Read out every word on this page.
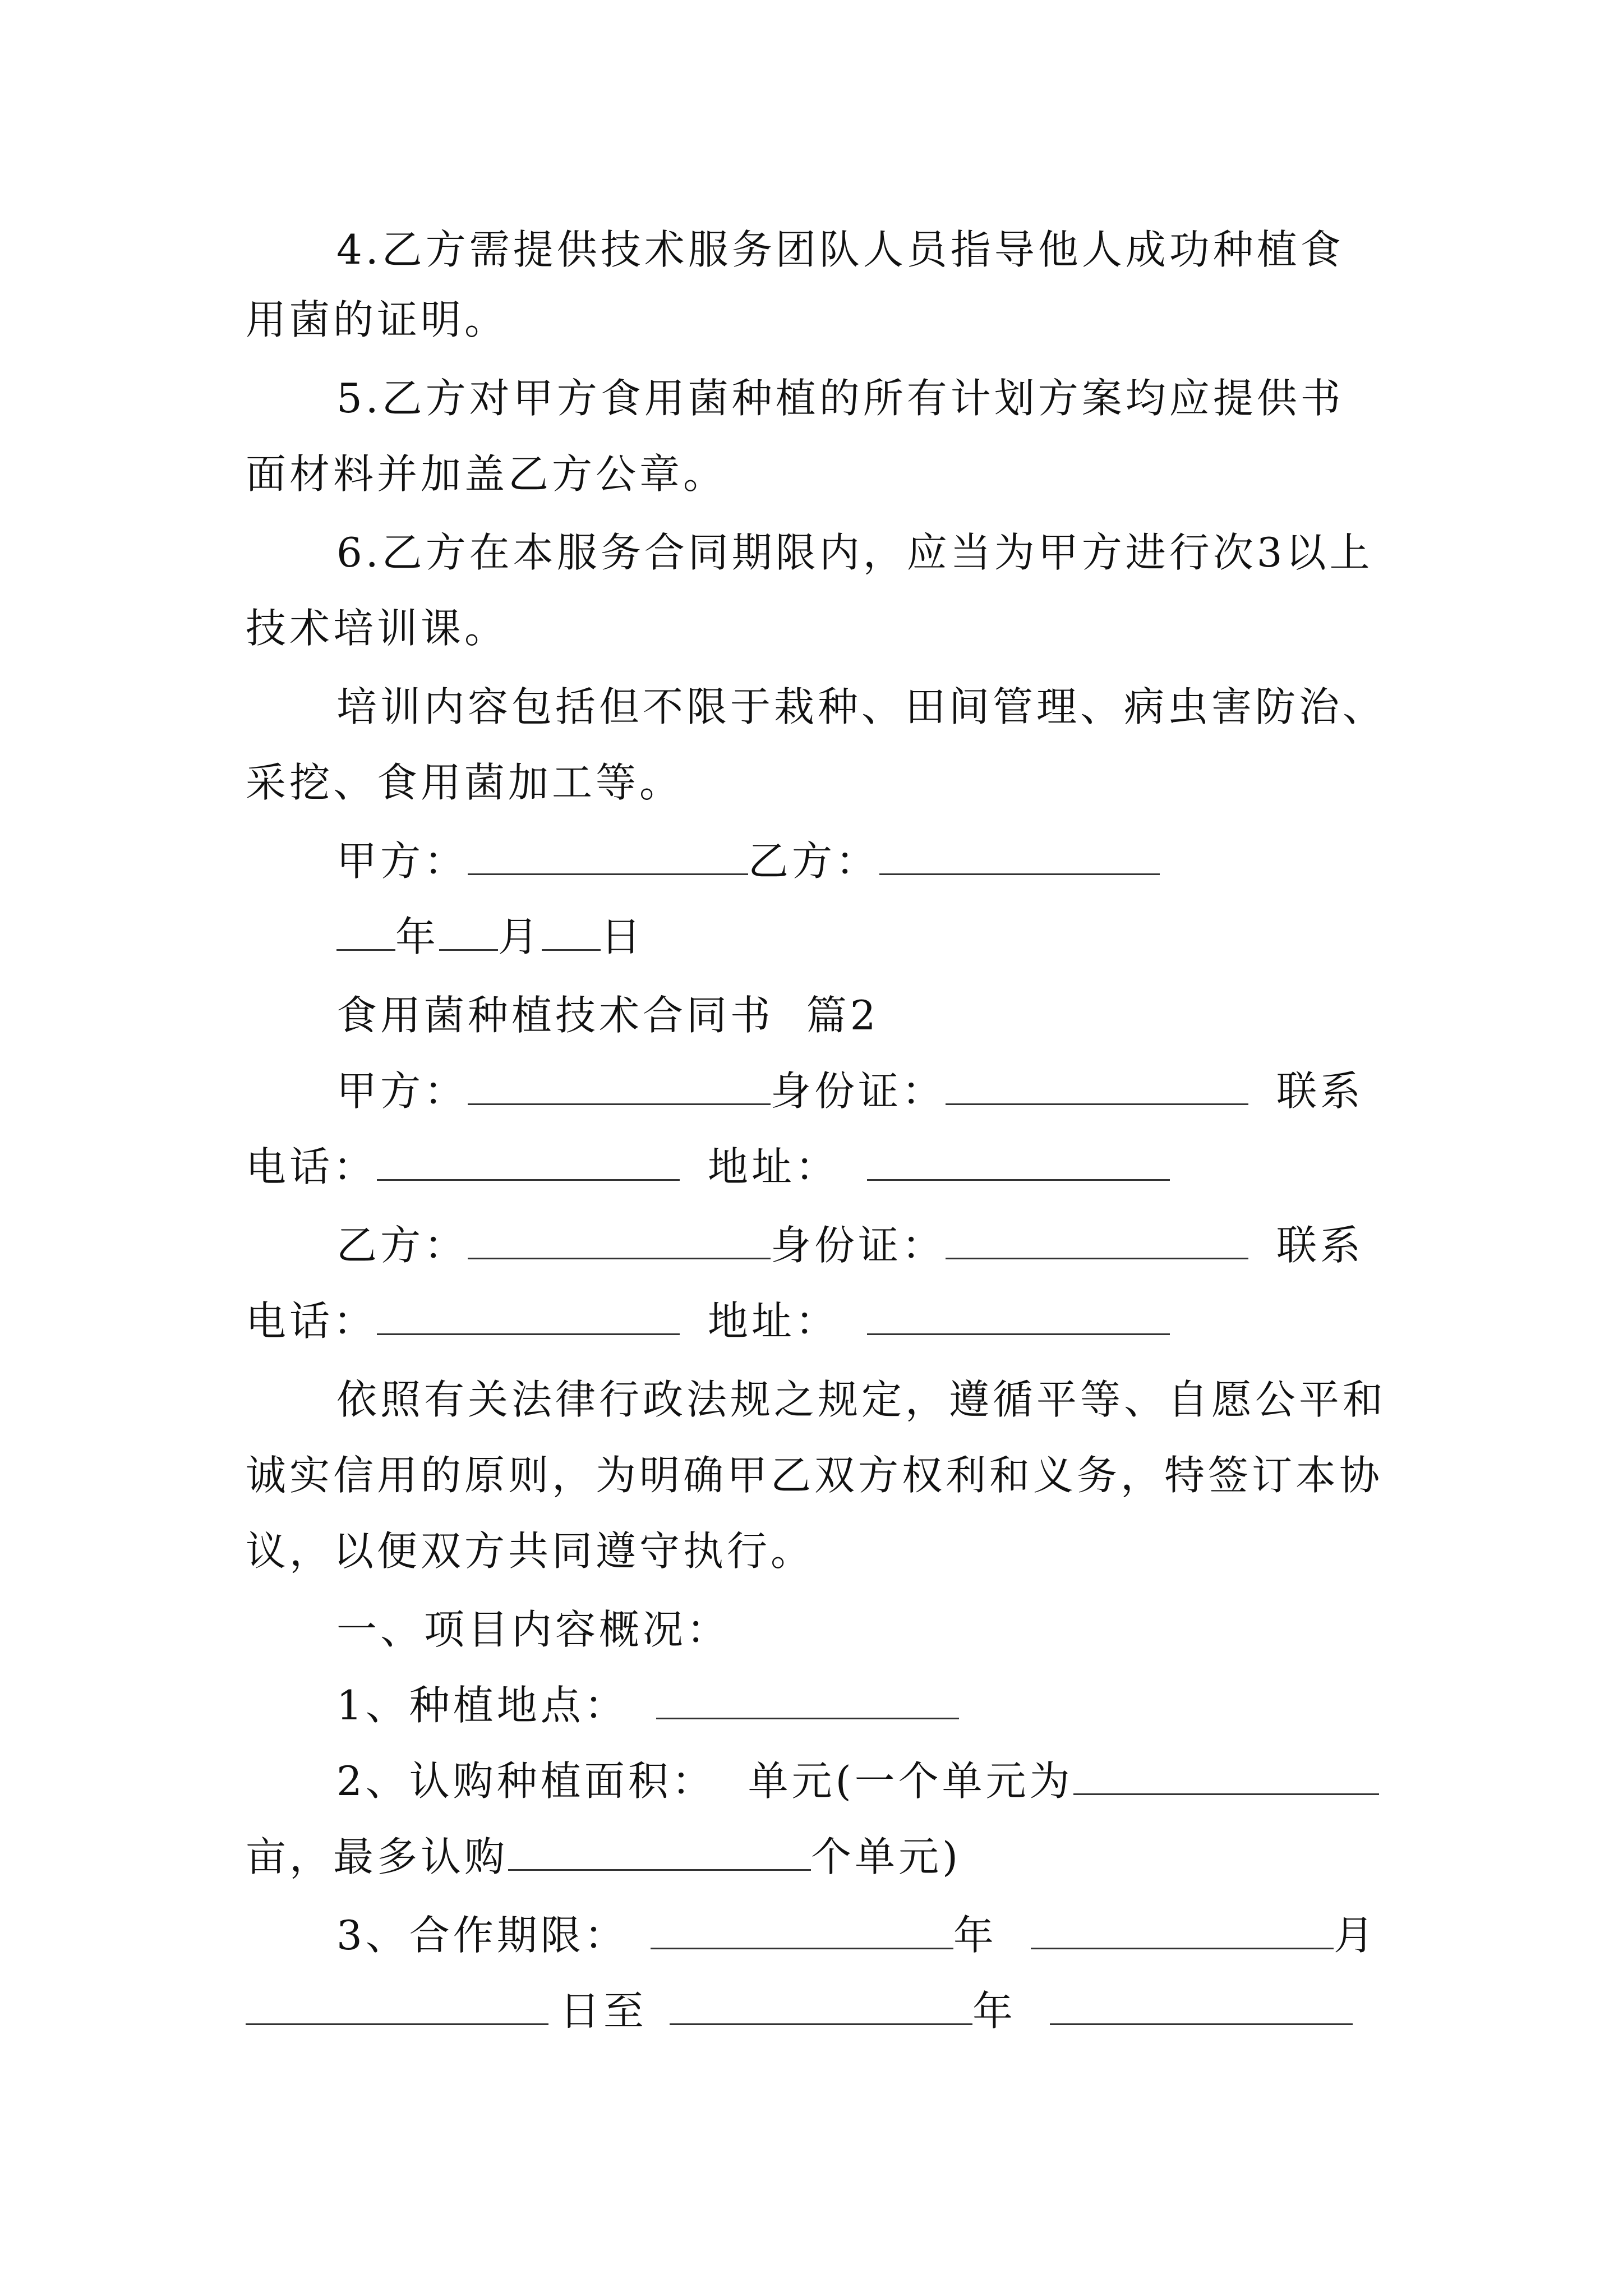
4.乙方需提供技术服务团队人员指导他人成功种植食
用菌的证明。
5.乙方对甲方食用菌种植的所有计划方案均应提供书
面材料并加盖乙方公章。
6.乙方在本服务合同期限内，应当为甲方进行次3以上
技术培训课。
培训内容包括但不限于栽种、田间管理、病虫害防治、
采挖、食用菌加工等。
甲方：	乙方：
年 月 日
食用菌种植技术合同书  篇2
甲方：	身份证：	联系
电话：	地址：
乙方：	身份证：	联系
电话：	地址：
依照有关法律行政法规之规定，遵循平等、自愿公平和
诚实信用的原则，为明确甲乙双方权利和义务，特签订本协
议，以便双方共同遵守执行。
一、项目内容概况：
1、种植地点：
2、认购种植面积：  单元(一个单元为
亩，最多认购	个单元)
3、合作期限：	年	月
日至	年
